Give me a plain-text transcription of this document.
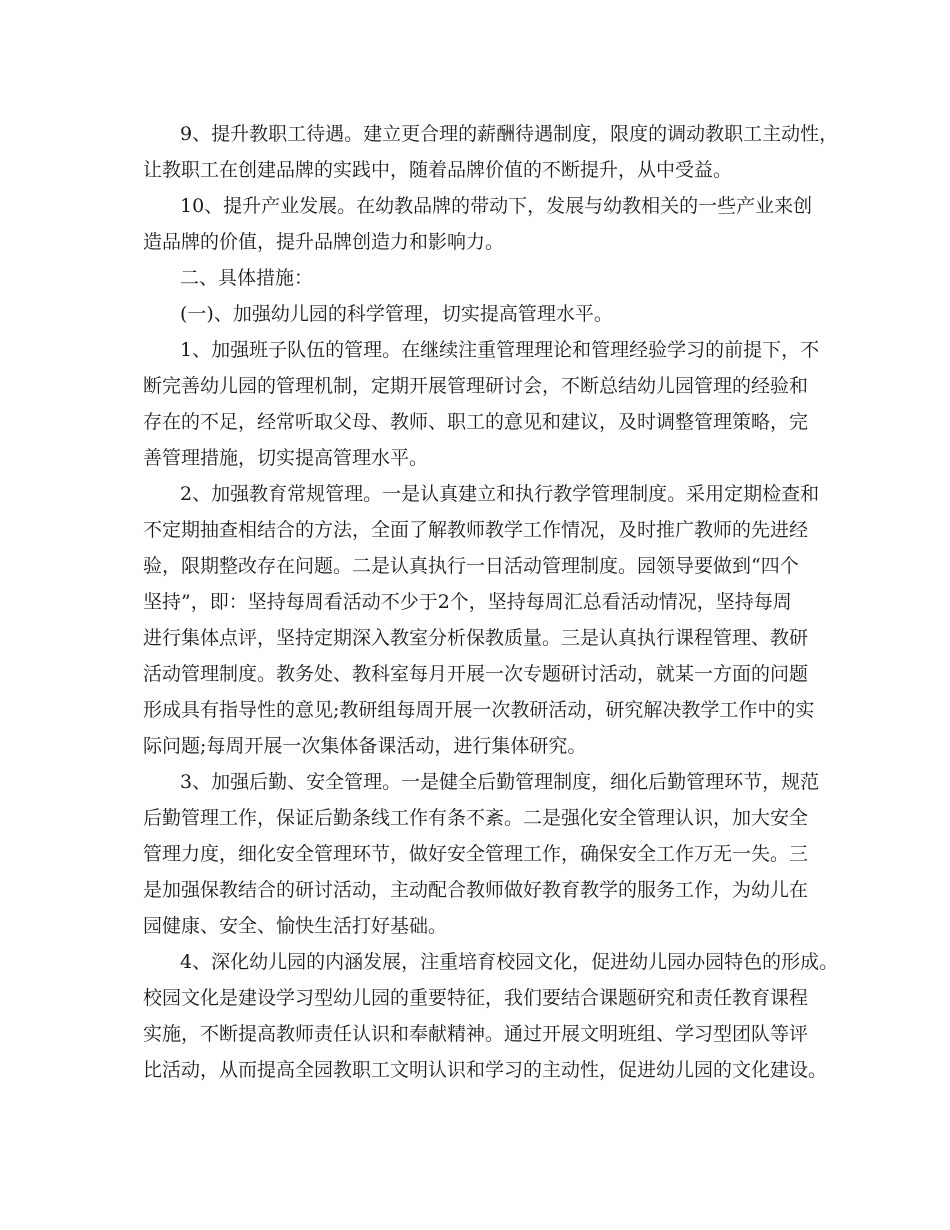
9、提升教职工待遇。建立更合理的薪酬待遇制度，限度的调动教职工主动性，
让教职工在创建品牌的实践中，随着品牌价值的不断提升，从中受益。
10、提升产业发展。在幼教品牌的带动下，发展与幼教相关的一些产业来创
造品牌的价值，提升品牌创造力和影响力。
二、具体措施：
(一)、加强幼儿园的科学管理，切实提高管理水平。
1、加强班子队伍的管理。在继续注重管理理论和管理经验学习的前提下，不
断完善幼儿园的管理机制，定期开展管理研讨会，不断总结幼儿园管理的经验和
存在的不足，经常听取父母、教师、职工的意见和建议，及时调整管理策略，完
善管理措施，切实提高管理水平。
2、加强教育常规管理。一是认真建立和执行教学管理制度。采用定期检查和
不定期抽查相结合的方法，全面了解教师教学工作情况，及时推广教师的先进经
验，限期整改存在问题。二是认真执行一日活动管理制度。园领导要做到“四个
坚持”，即：坚持每周看活动不少于2个，坚持每周汇总看活动情况，坚持每周
进行集体点评，坚持定期深入教室分析保教质量。三是认真执行课程管理、教研
活动管理制度。教务处、教科室每月开展一次专题研讨活动，就某一方面的问题
形成具有指导性的意见;教研组每周开展一次教研活动，研究解决教学工作中的实
际问题;每周开展一次集体备课活动，进行集体研究。
3、加强后勤、安全管理。一是健全后勤管理制度，细化后勤管理环节，规范
后勤管理工作，保证后勤条线工作有条不紊。二是强化安全管理认识，加大安全
管理力度，细化安全管理环节，做好安全管理工作，确保安全工作万无一失。三
是加强保教结合的研讨活动，主动配合教师做好教育教学的服务工作，为幼儿在
园健康、安全、愉快生活打好基础。
4、深化幼儿园的内涵发展，注重培育校园文化，促进幼儿园办园特色的形成。
校园文化是建设学习型幼儿园的重要特征，我们要结合课题研究和责任教育课程
实施，不断提高教师责任认识和奉献精神。通过开展文明班组、学习型团队等评
比活动，从而提高全园教职工文明认识和学习的主动性，促进幼儿园的文化建设。
